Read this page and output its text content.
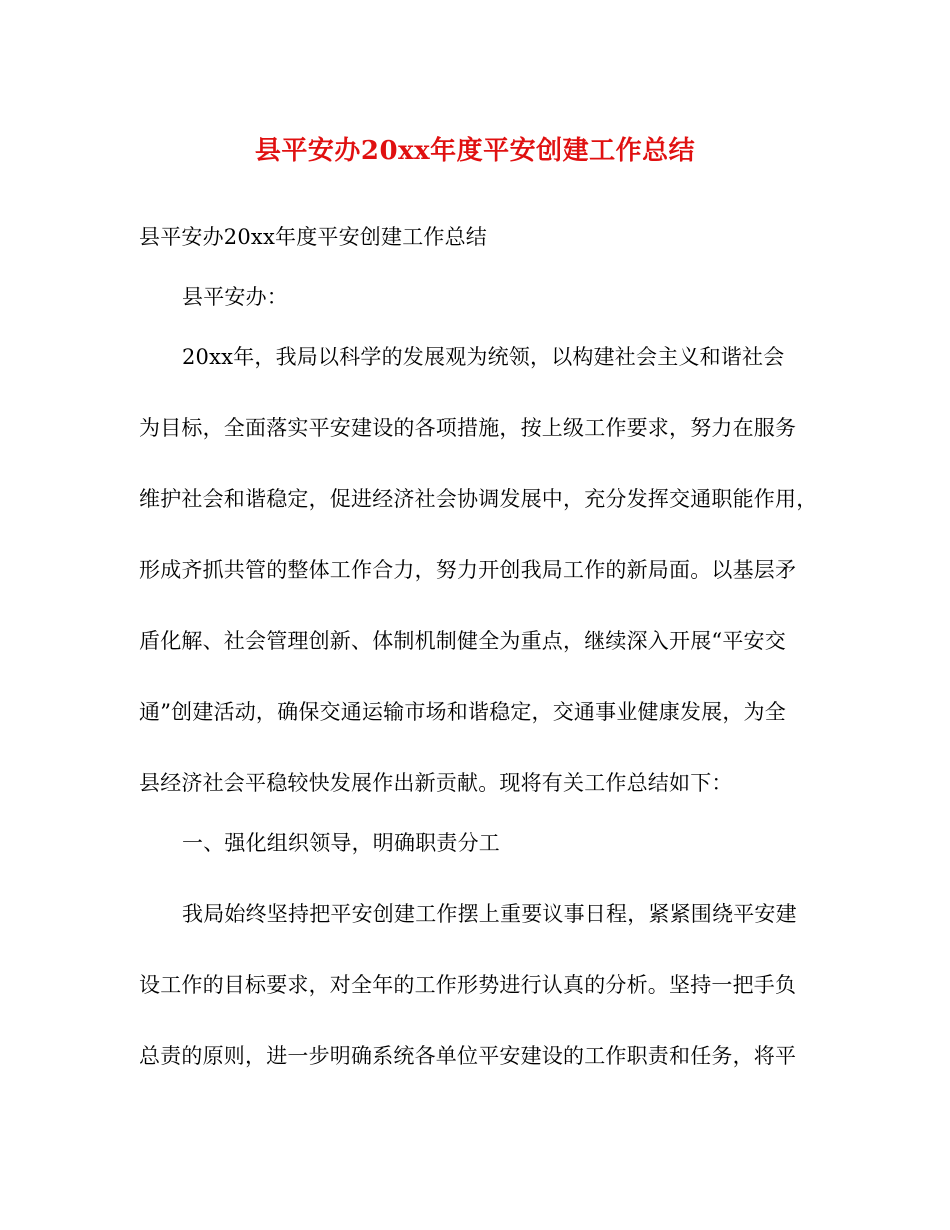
县平安办20xx年度平安创建工作总结
县平安办20xx年度平安创建工作总结
县平安办：
20xx年，我局以科学的发展观为统领，以构建社会主义和谐社会
为目标，全面落实平安建设的各项措施，按上级工作要求，努力在服务
维护社会和谐稳定，促进经济社会协调发展中，充分发挥交通职能作用，
形成齐抓共管的整体工作合力，努力开创我局工作的新局面。以基层矛
盾化解、社会管理创新、体制机制健全为重点，继续深入开展“平安交
通”创建活动，确保交通运输市场和谐稳定，交通事业健康发展，为全
县经济社会平稳较快发展作出新贡献。现将有关工作总结如下：
一、强化组织领导，明确职责分工
我局始终坚持把平安创建工作摆上重要议事日程，紧紧围绕平安建
设工作的目标要求，对全年的工作形势进行认真的分析。坚持一把手负
总责的原则，进一步明确系统各单位平安建设的工作职责和任务，将平
